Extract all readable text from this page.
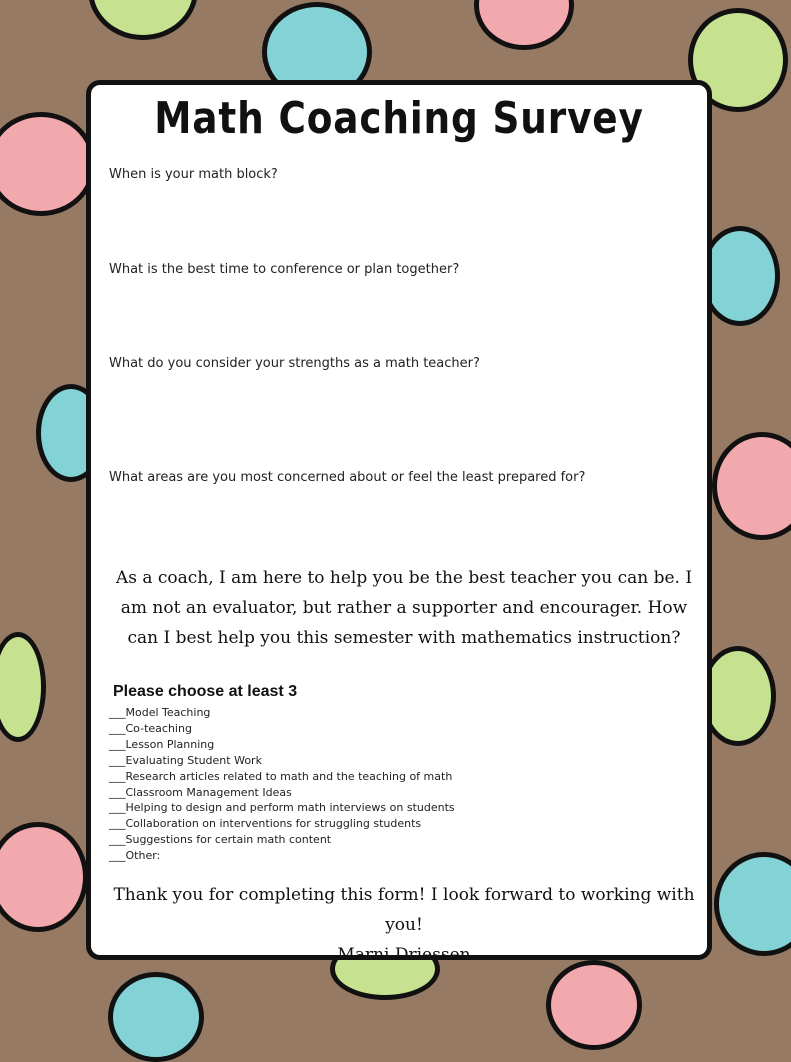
Math Coaching Survey
When is your math block?
What is the best time to conference or plan together?
What do you consider your strengths as a math teacher?
What areas are you most concerned about or feel the least prepared for?
As a coach, I am here to help you be the best teacher you can be. I am not an evaluator, but rather a supporter and encourager. How can I best help you this semester with mathematics instruction?
Please choose at least 3
___Model Teaching
___Co-teaching
___Lesson Planning
___Evaluating Student Work
___Research articles related to math and the teaching of math
___Classroom Management Ideas
___Helping to design and perform math interviews on students
___Collaboration on interventions for struggling students
___Suggestions for certain math content
___Other:
Thank you for completing this form! I look forward to working with you!
Marni Driessen
